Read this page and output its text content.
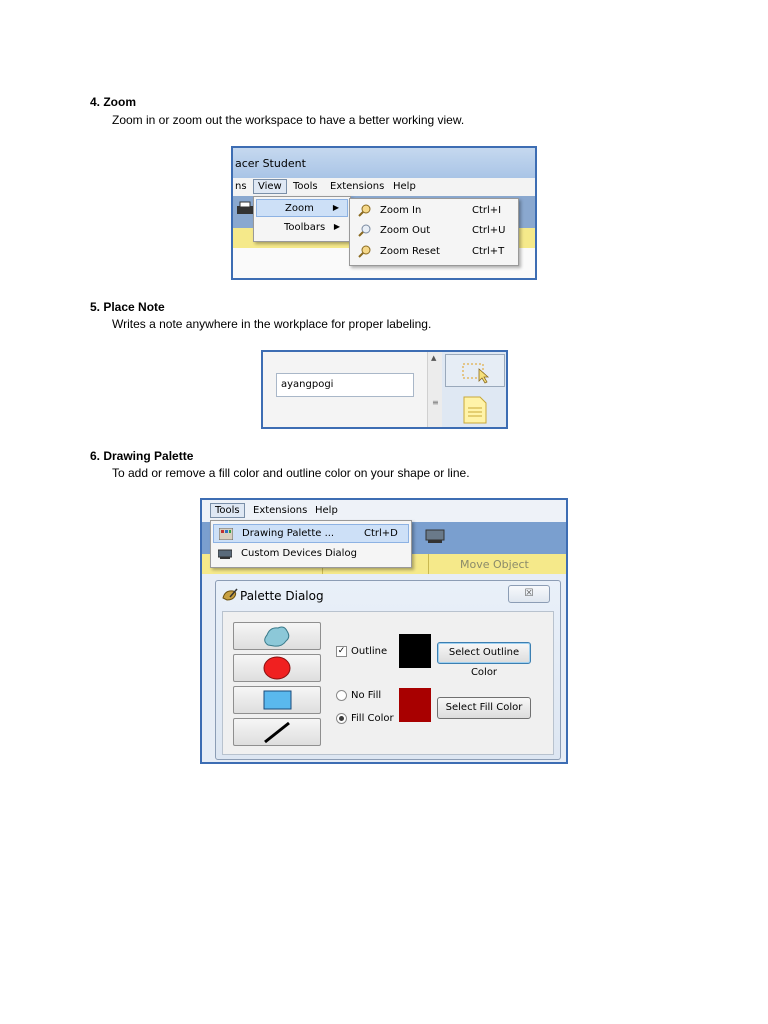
4. Zoom
Zoom in or zoom out the workspace to have a better working view.
acer Student
ns	View	Tools	Extensions Help
Zoom ▶
Toolbars ▶
Zoom In	Ctrl+I
Zoom Out	Ctrl+U
Zoom Reset	Ctrl+T
5. Place Note
Writes a note anywhere in the workplace for proper labeling.
ayangpogi
▲
≡
6. Drawing Palette
To add or remove a fill color and outline color on your shape or line.
Tools	Extensions Help
Move Object
Drawing Palette ...	Ctrl+D
Custom Devices Dialog
Palette Dialog	☒
✓ Outline	Select Outline Color
No Fill
Fill Color
Select Fill Color
